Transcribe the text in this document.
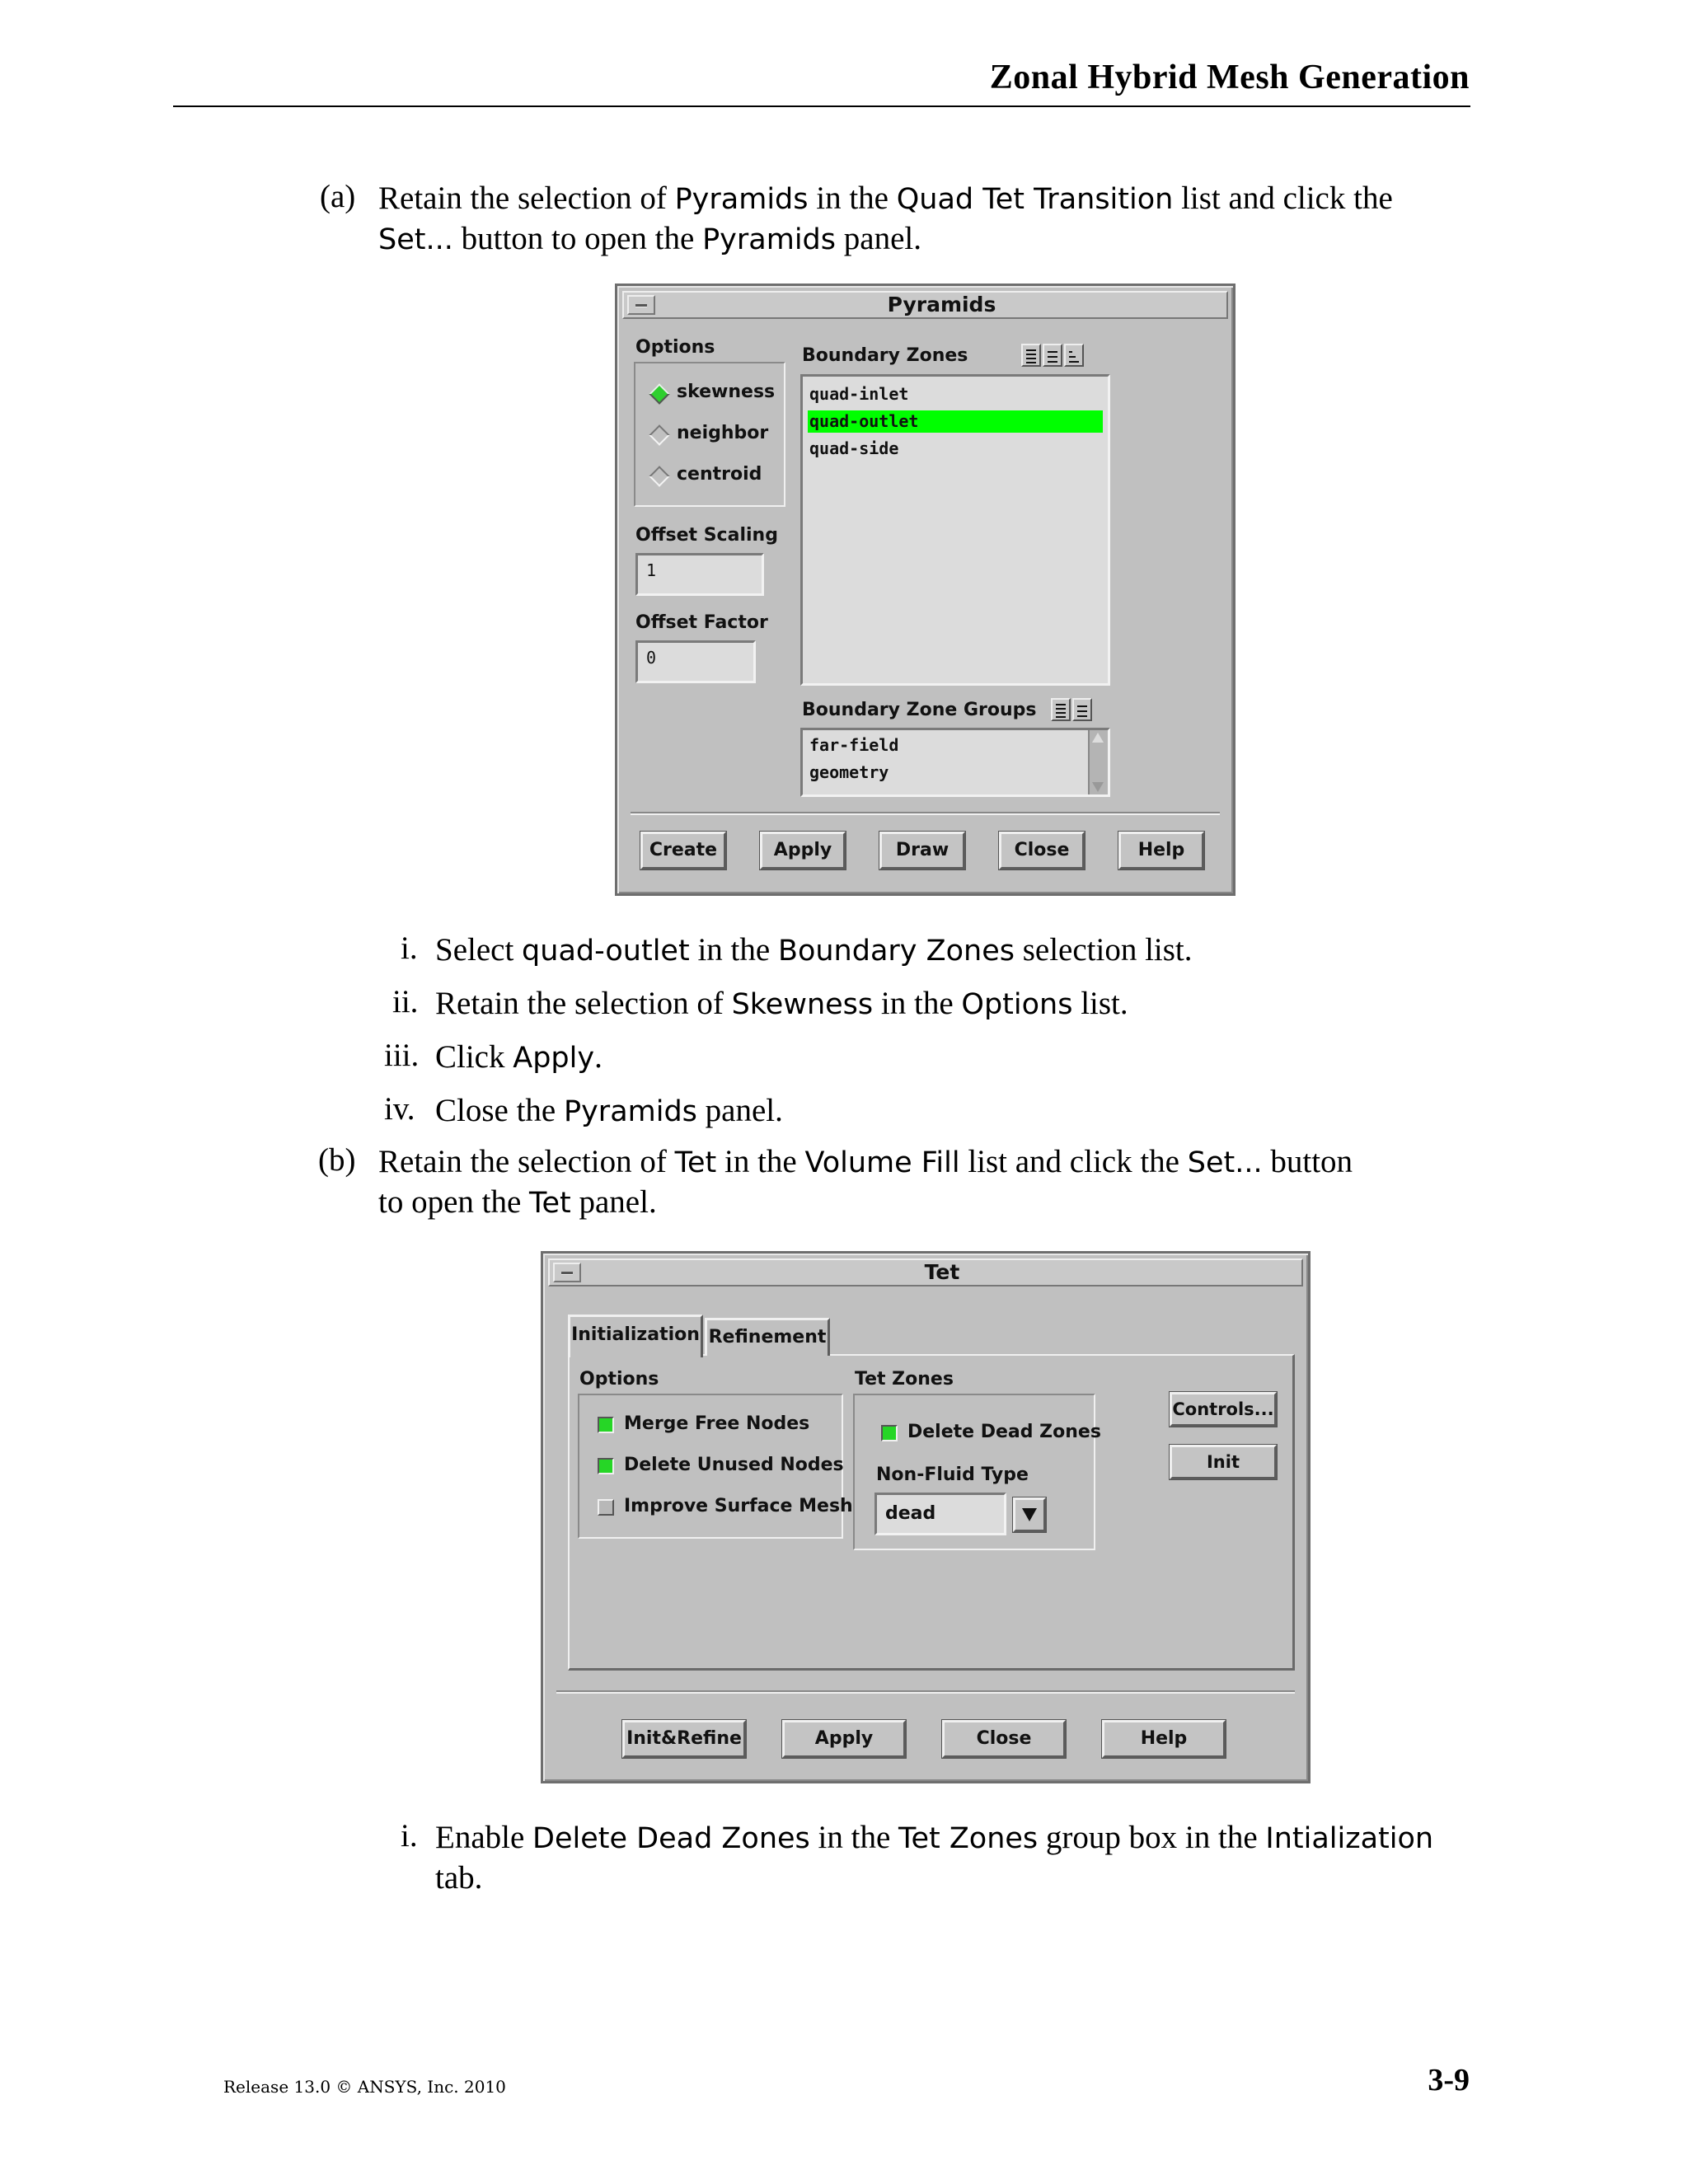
Zonal Hybrid Mesh Generation
(a) Retain the selection of Pyramids in the Quad Tet Transition list and click the
Set... button to open the Pyramids panel.
Pyramids
Options
skewness
neighbor
centroid
Offset Scaling
1
Offset Factor
0
Boundary Zones
quad-inlet
quad-outlet
quad-side
Boundary Zone Groups
far-field
geometry
Create	Apply	Draw	Close	Help
i. Select quad-outlet in the Boundary Zones selection list.
ii. Retain the selection of Skewness in the Options list.
iii. Click Apply.
iv. Close the Pyramids panel.
(b) Retain the selection of Tet in the Volume Fill list and click the Set... button
to open the Tet panel.
Tet
Initialization Refinement
Options
Merge Free Nodes
Delete Unused Nodes
Improve Surface Mesh
Tet Zones
Delete Dead Zones
Non-Fluid Type
dead
Controls...
Init
Init&Refine	Apply	Close	Help
i. Enable Delete Dead Zones in the Tet Zones group box in the Intialization
tab.
Release 13.0 © ANSYS, Inc. 2010	3-9
